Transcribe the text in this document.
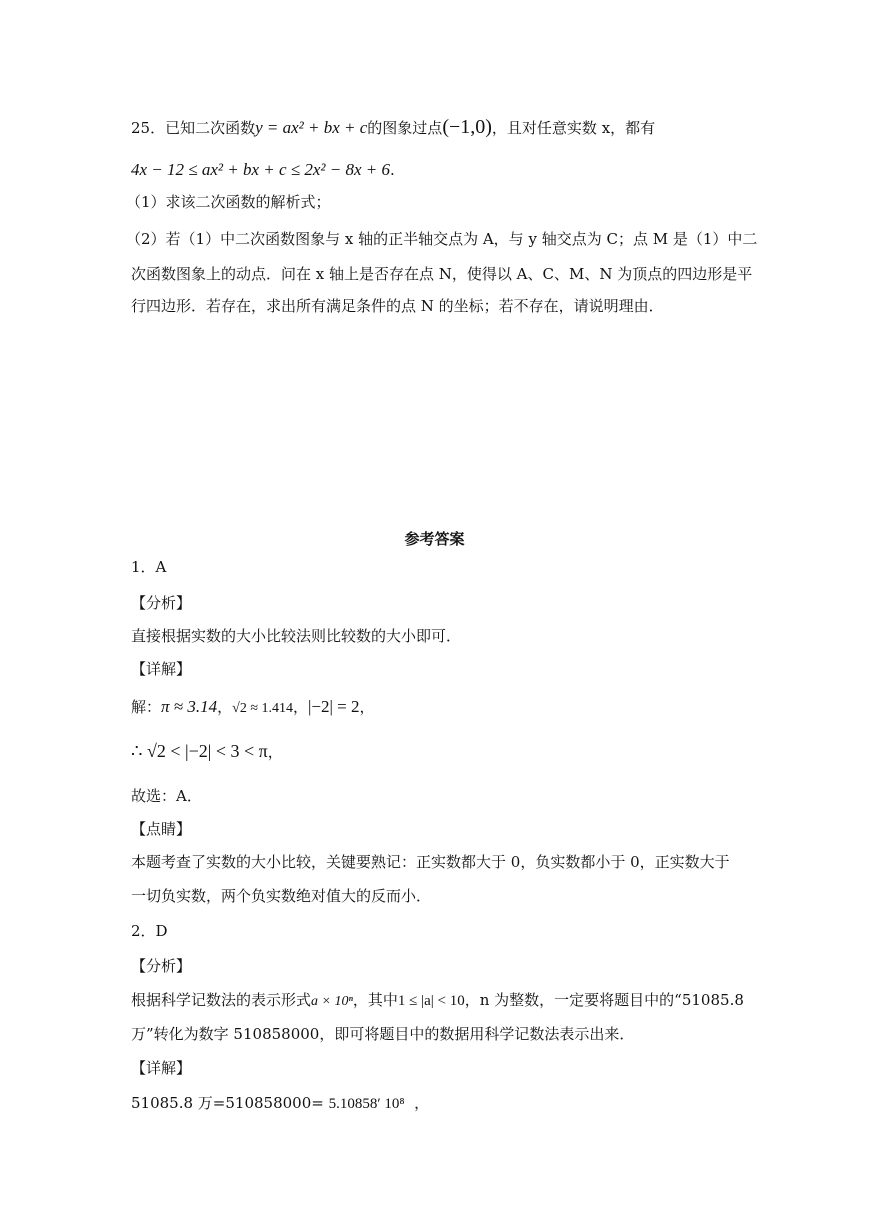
25．已知二次函数y = ax² + bx + c的图象过点(−1,0)，且对任意实数 x，都有
4x − 12 ≤ ax² + bx + c ≤ 2x² − 8x + 6.
（1）求该二次函数的解析式；
（2）若（1）中二次函数图象与 x 轴的正半轴交点为 A，与 y 轴交点为 C；点 M 是（1）中二
次函数图象上的动点．问在 x 轴上是否存在点 N，使得以 A、C、M、N 为顶点的四边形是平
行四边形．若存在，求出所有满足条件的点 N 的坐标；若不存在，请说明理由．
参考答案
1．A
【分析】
直接根据实数的大小比较法则比较数的大小即可．
【详解】
解：π ≈ 3.14，√2 ≈ 1.414，|−2| = 2，
∴ √2 < |−2| < 3 < π，
故选：A．
【点睛】
本题考查了实数的大小比较，关键要熟记：正实数都大于 0，负实数都小于 0，正实数大于
一切负实数，两个负实数绝对值大的反而小．
2．D
【分析】
根据科学记数法的表示形式a × 10ⁿ，其中1 ≤ |a| < 10，n 为整数，一定要将题目中的“51085.8
万”转化为数字 510858000，即可将题目中的数据用科学记数法表示出来．
【详解】
51085.8 万=510858000= 5.10858′ 10⁸ ，
